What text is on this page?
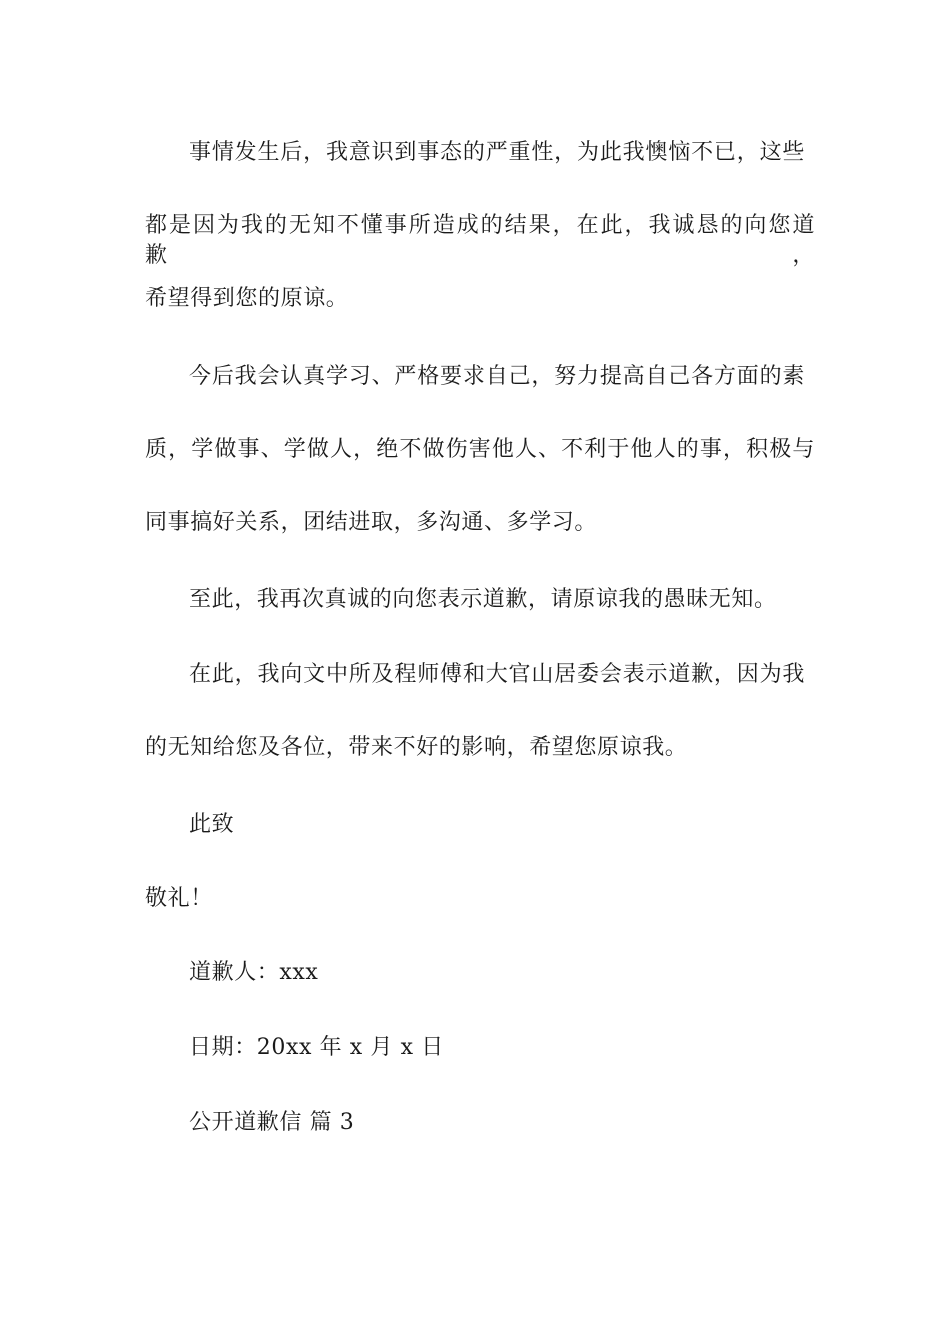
事情发生后，我意识到事态的严重性，为此我懊恼不已，这些
都是因为我的无知不懂事所造成的结果，在此，我诚恳的向您道歉，
希望得到您的原谅。
今后我会认真学习、严格要求自己，努力提高自己各方面的素
质，学做事、学做人，绝不做伤害他人、不利于他人的事，积极与
同事搞好关系，团结进取，多沟通、多学习。
至此，我再次真诚的向您表示道歉，请原谅我的愚昧无知。
在此，我向文中所及程师傅和大官山居委会表示道歉，因为我
的无知给您及各位，带来不好的影响，希望您原谅我。
此致
敬礼！
道歉人：xxx
日期：20xx 年 x 月 x 日
公开道歉信 篇 3
